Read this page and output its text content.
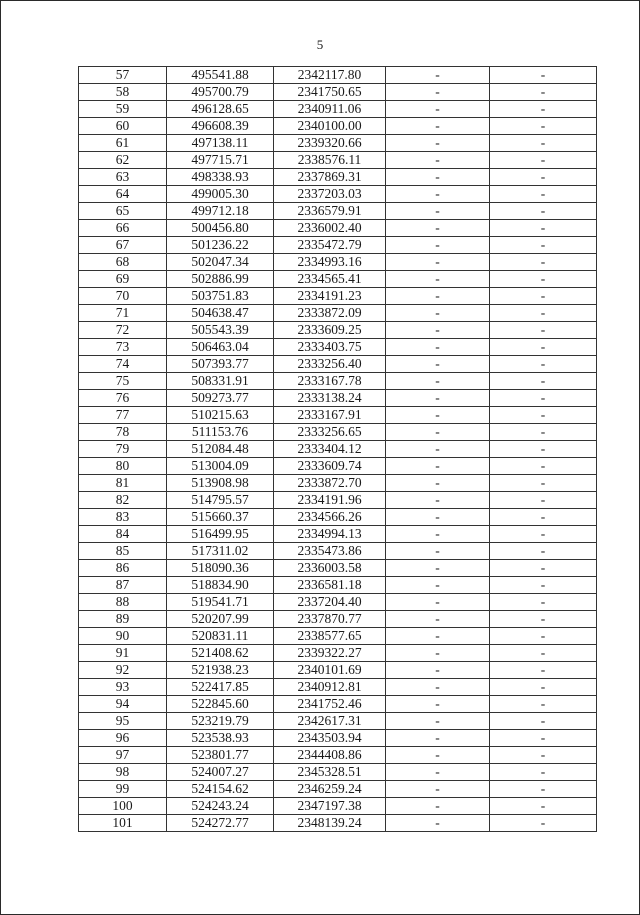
5
57	495541.88	2342117.80	-	-
58	495700.79	2341750.65	-	-
59	496128.65	2340911.06	-	-
60	496608.39	2340100.00	-	-
61	497138.11	2339320.66	-	-
62	497715.71	2338576.11	-	-
63	498338.93	2337869.31	-	-
64	499005.30	2337203.03	-	-
65	499712.18	2336579.91	-	-
66	500456.80	2336002.40	-	-
67	501236.22	2335472.79	-	-
68	502047.34	2334993.16	-	-
69	502886.99	2334565.41	-	-
70	503751.83	2334191.23	-	-
71	504638.47	2333872.09	-	-
72	505543.39	2333609.25	-	-
73	506463.04	2333403.75	-	-
74	507393.77	2333256.40	-	-
75	508331.91	2333167.78	-	-
76	509273.77	2333138.24	-	-
77	510215.63	2333167.91	-	-
78	511153.76	2333256.65	-	-
79	512084.48	2333404.12	-	-
80	513004.09	2333609.74	-	-
81	513908.98	2333872.70	-	-
82	514795.57	2334191.96	-	-
83	515660.37	2334566.26	-	-
84	516499.95	2334994.13	-	-
85	517311.02	2335473.86	-	-
86	518090.36	2336003.58	-	-
87	518834.90	2336581.18	-	-
88	519541.71	2337204.40	-	-
89	520207.99	2337870.77	-	-
90	520831.11	2338577.65	-	-
91	521408.62	2339322.27	-	-
92	521938.23	2340101.69	-	-
93	522417.85	2340912.81	-	-
94	522845.60	2341752.46	-	-
95	523219.79	2342617.31	-	-
96	523538.93	2343503.94	-	-
97	523801.77	2344408.86	-	-
98	524007.27	2345328.51	-	-
99	524154.62	2346259.24	-	-
100	524243.24	2347197.38	-	-
101	524272.77	2348139.24	-	-
